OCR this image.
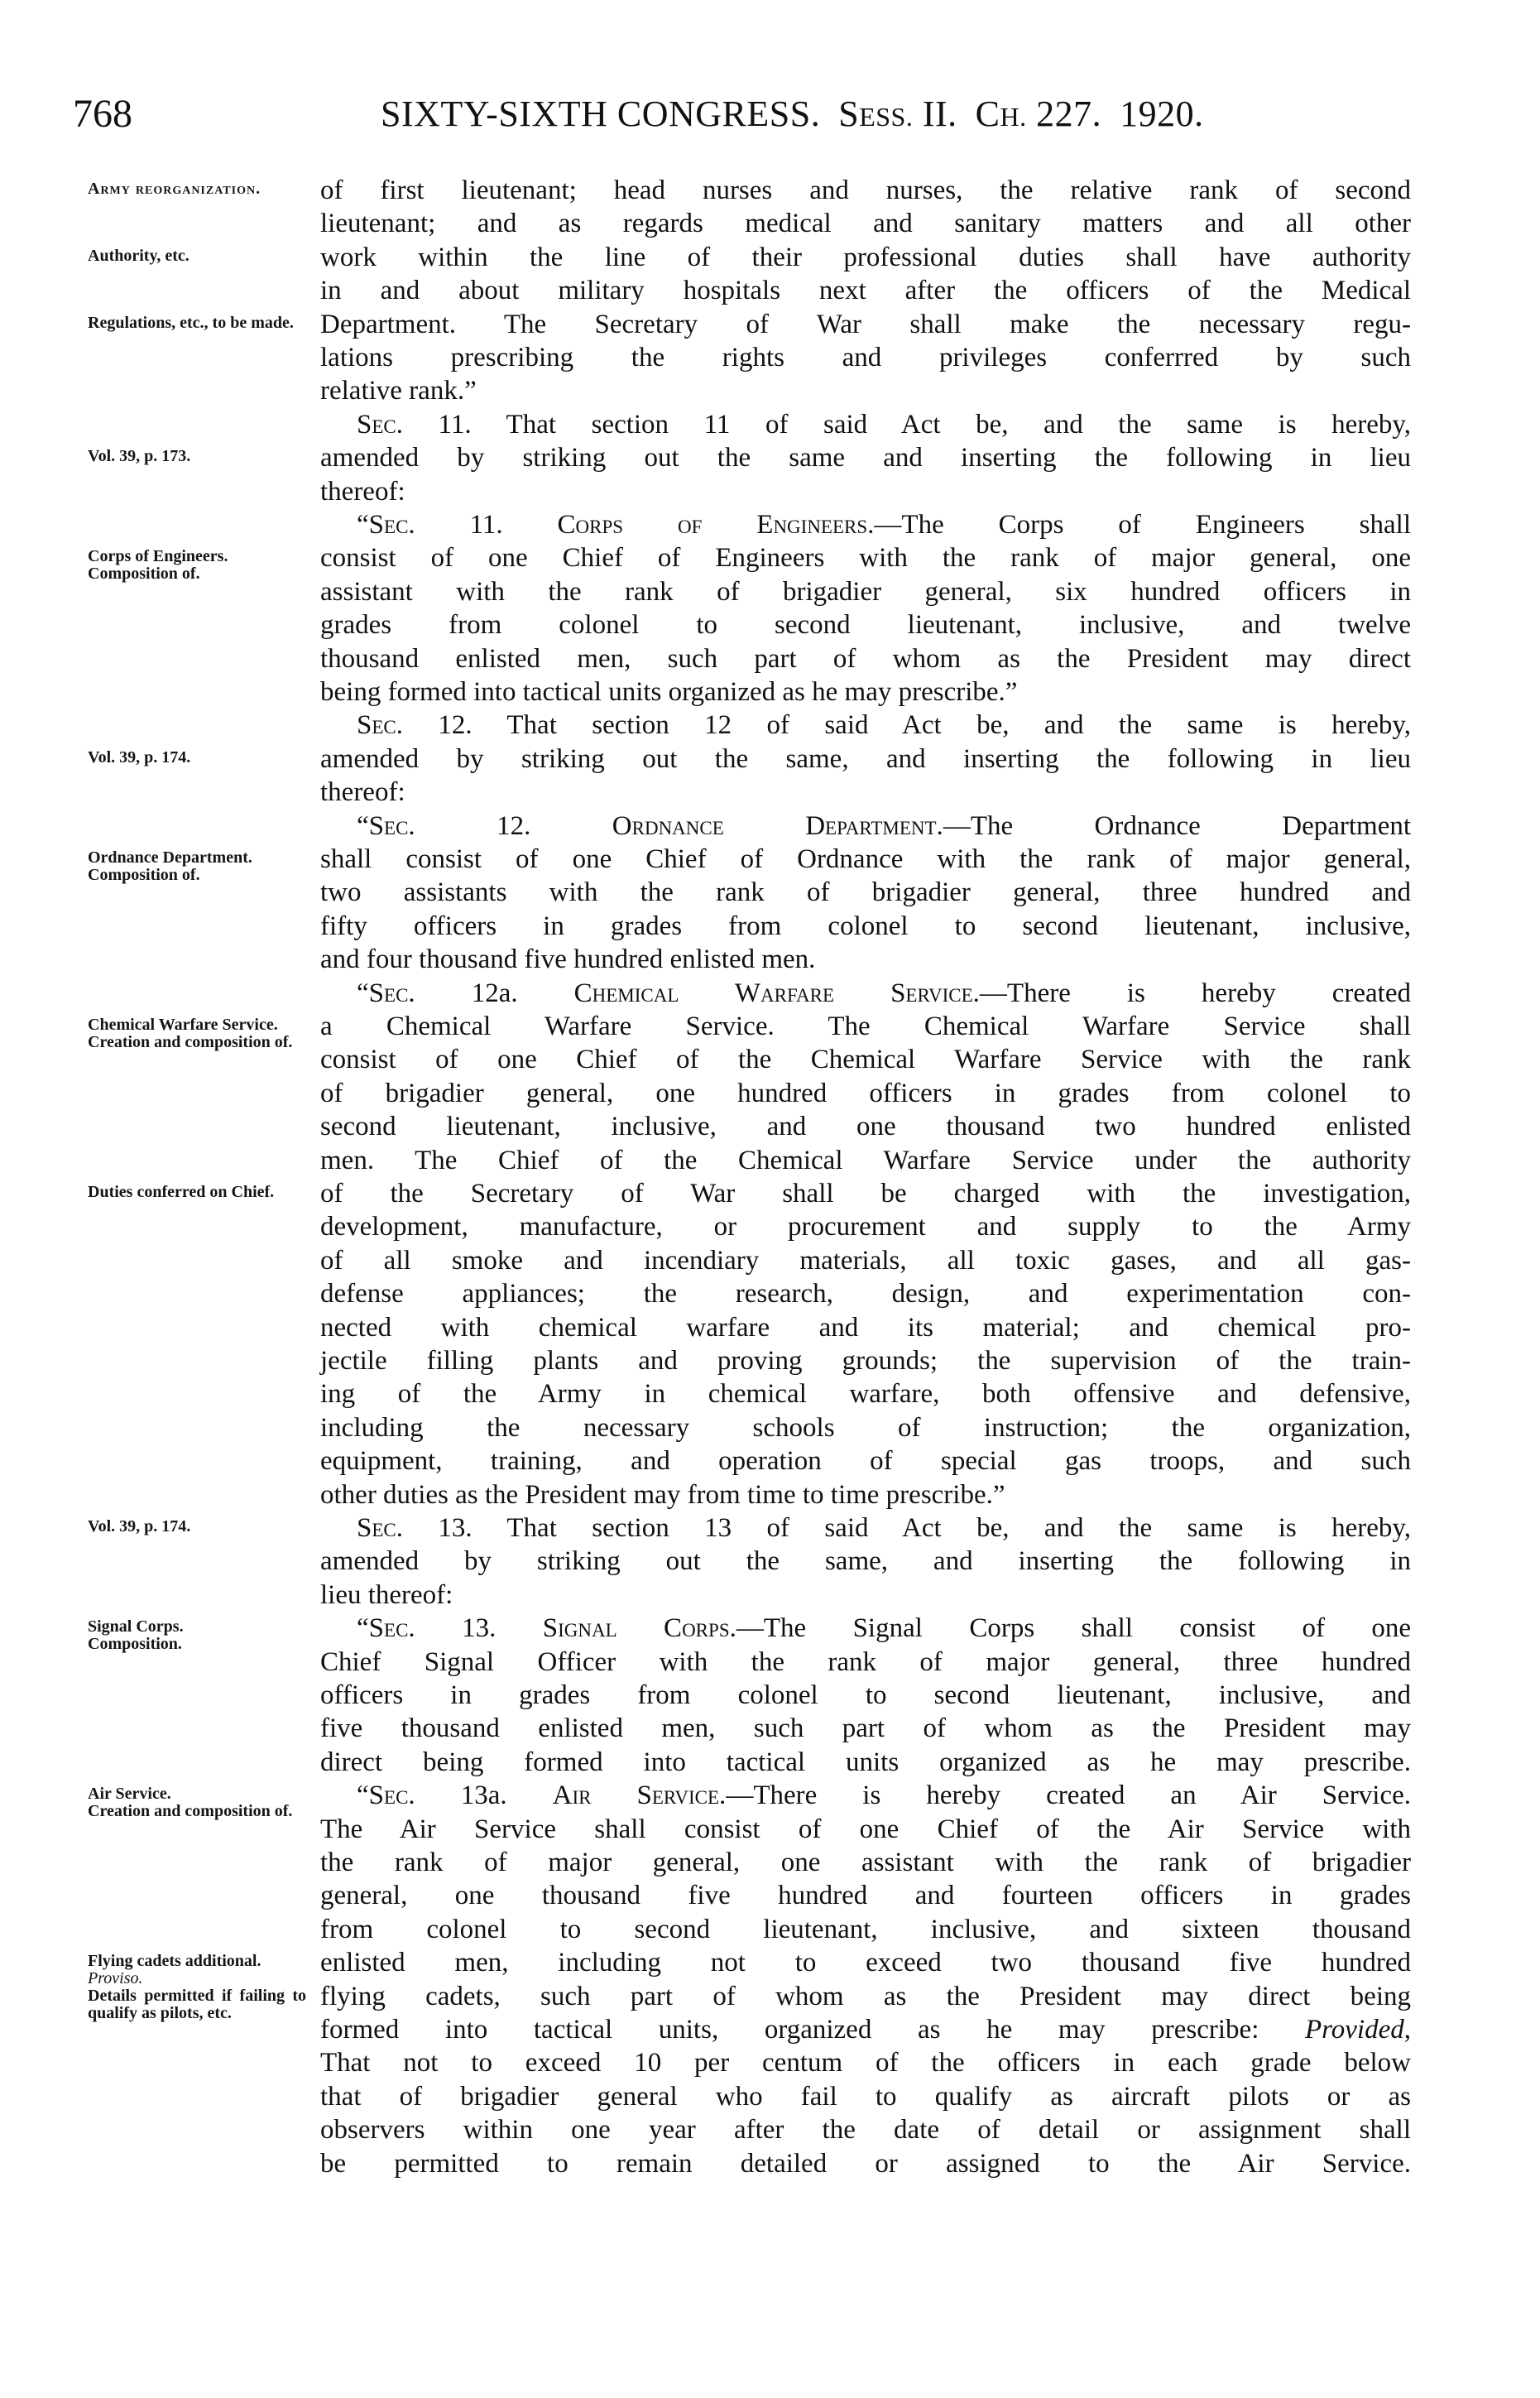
768	SIXTY-SIXTH CONGRESS. SESS. II. CH. 227. 1920.
Army reorganization.
Authority, etc.
Regulations, etc., to be made.
Vol. 39, p. 173.
Corps of Engineers.
Composition of.
Vol. 39, p. 174.
Ordnance Department.
Composition of.
Chemical Warfare Service.
Creation and composition of.
Duties conferred on Chief.
Vol. 39, p. 174.
Signal Corps.
Composition.
Air Service.
Creation and composition of.
Flying cadets additional.
Proviso.
Details permitted if failing to qualify as pilots, etc.
of first lieutenant; head nurses and nurses, the relative rank of second
lieutenant; and as regards medical and sanitary matters and all other
work within the line of their professional duties shall have authority
in and about military hospitals next after the officers of the Medical
Department. The Secretary of War shall make the necessary regu-
lations prescribing the rights and privileges conferrred by such
relative rank.”
Sec. 11. That section 11 of said Act be, and the same is hereby,
amended by striking out the same and inserting the following in lieu
thereof:
“Sec. 11. Corps of Engineers.—The Corps of Engineers shall
consist of one Chief of Engineers with the rank of major general, one
assistant with the rank of brigadier general, six hundred officers in
grades from colonel to second lieutenant, inclusive, and twelve
thousand enlisted men, such part of whom as the President may direct
being formed into tactical units organized as he may prescribe.”
Sec. 12. That section 12 of said Act be, and the same is hereby,
amended by striking out the same, and inserting the following in lieu
thereof:
“Sec. 12. Ordnance Department.—The Ordnance Department
shall consist of one Chief of Ordnance with the rank of major general,
two assistants with the rank of brigadier general, three hundred and
fifty officers in grades from colonel to second lieutenant, inclusive,
and four thousand five hundred enlisted men.
“Sec. 12a. Chemical Warfare Service.—There is hereby created
a Chemical Warfare Service. The Chemical Warfare Service shall
consist of one Chief of the Chemical Warfare Service with the rank
of brigadier general, one hundred officers in grades from colonel to
second lieutenant, inclusive, and one thousand two hundred enlisted
men. The Chief of the Chemical Warfare Service under the authority
of the Secretary of War shall be charged with the investigation,
development, manufacture, or procurement and supply to the Army
of all smoke and incendiary materials, all toxic gases, and all gas-
defense appliances; the research, design, and experimentation con-
nected with chemical warfare and its material; and chemical pro-
jectile filling plants and proving grounds; the supervision of the train-
ing of the Army in chemical warfare, both offensive and defensive,
including the necessary schools of instruction; the organization,
equipment, training, and operation of special gas troops, and such
other duties as the President may from time to time prescribe.”
Sec. 13. That section 13 of said Act be, and the same is hereby,
amended by striking out the same, and inserting the following in
lieu thereof:
“Sec. 13. Signal Corps.—The Signal Corps shall consist of one
Chief Signal Officer with the rank of major general, three hundred
officers in grades from colonel to second lieutenant, inclusive, and
five thousand enlisted men, such part of whom as the President may
direct being formed into tactical units organized as he may prescribe.
“Sec. 13a. Air Service.—There is hereby created an Air Service.
The Air Service shall consist of one Chief of the Air Service with
the rank of major general, one assistant with the rank of brigadier
general, one thousand five hundred and fourteen officers in grades
from colonel to second lieutenant, inclusive, and sixteen thousand
enlisted men, including not to exceed two thousand five hundred
flying cadets, such part of whom as the President may direct being
formed into tactical units, organized as he may prescribe: Provided,
That not to exceed 10 per centum of the officers in each grade below
that of brigadier general who fail to qualify as aircraft pilots or as
observers within one year after the date of detail or assignment shall
be permitted to remain detailed or assigned to the Air Service.
